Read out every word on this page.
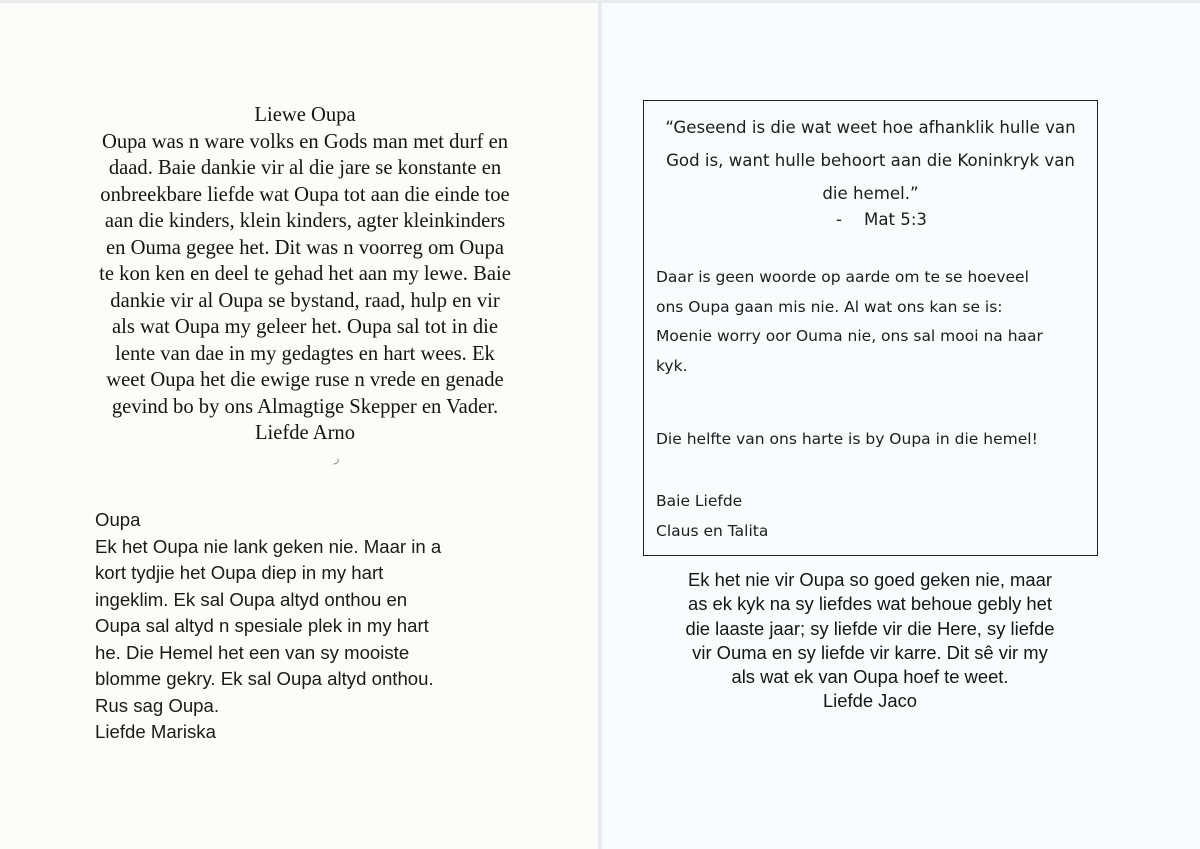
Liewe Oupa

Oupa was n ware volks en Gods man met durf en

daad. Baie dankie vir al die jare se konstante en

onbreekbare liefde wat Oupa tot aan die einde toe

aan die kinders, klein kinders, agter kleinkinders

en Ouma gegee het. Dit was n voorreg om Oupa

te kon ken en deel te gehad het aan my lewe. Baie

dankie vir al Oupa se bystand, raad, hulp en vir

als wat Oupa my geleer het. Oupa sal tot in die

lente van dae in my gedagtes en hart wees. Ek

weet Oupa het die ewige ruse n vrede en genade

gevind bo by ons Almagtige Skepper en Vader.

Liefde Arno

ر

Oupa

Ek het Oupa nie lank geken nie. Maar in a

kort tydjie het Oupa diep in my hart

ingeklim. Ek sal Oupa altyd onthou en

Oupa sal altyd n spesiale plek in my hart

he. Die Hemel het een van sy mooiste

blomme gekry. Ek sal Oupa altyd onthou.

Rus sag Oupa.

Liefde Mariska

“Geseend is die wat weet hoe afhanklik hulle van

God is, want hulle behoort aan die Koninkryk van

die hemel.”

- Mat 5:3

Daar is geen woorde op aarde om te se hoeveel

ons Oupa gaan mis nie. Al wat ons kan se is:

Moenie worry oor Ouma nie, ons sal mooi na haar

kyk.

Die helfte van ons harte is by Oupa in die hemel!

Baie Liefde

Claus en Talita

Ek het nie vir Oupa so goed geken nie, maar

as ek kyk na sy liefdes wat behoue gebly het

die laaste jaar; sy liefde vir die Here, sy liefde

vir Ouma en sy liefde vir karre. Dit sê vir my

als wat ek van Oupa hoef te weet.

Liefde Jaco
